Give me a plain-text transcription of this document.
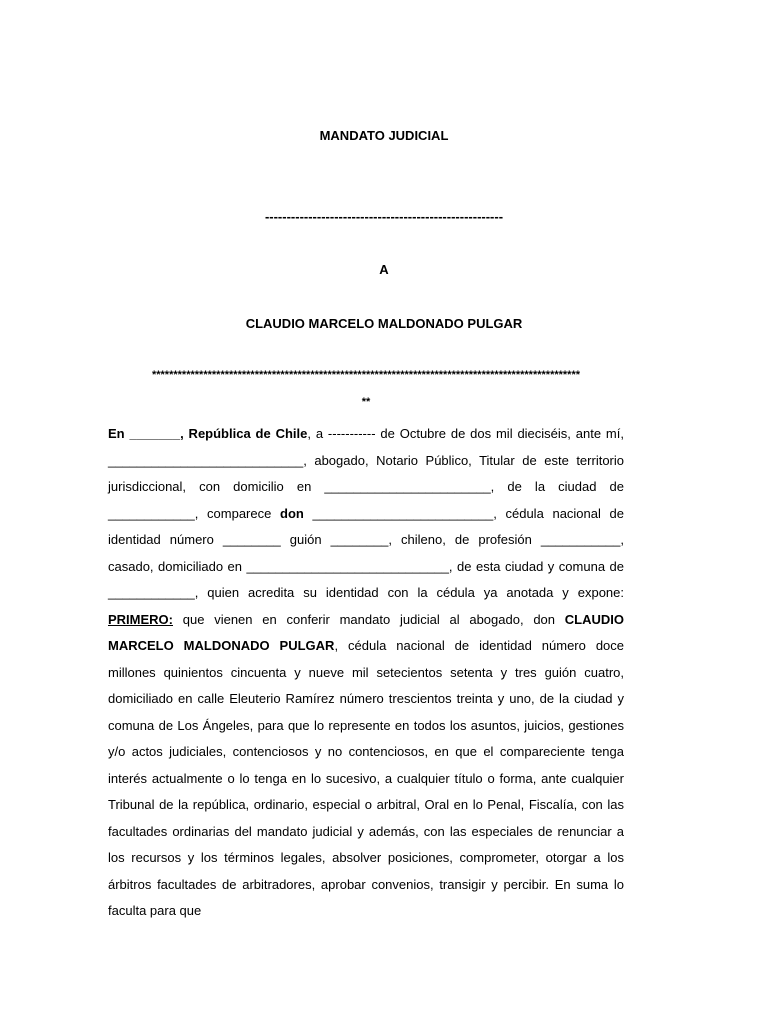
MANDATO JUDICIAL
-------------------------------------------------------
A
CLAUDIO MARCELO MALDONADO PULGAR
****************************************************************************************************
**
En _______, República de Chile, a ----------- de Octubre de dos mil dieciséis, ante mí, ___________________________, abogado, Notario Público, Titular de este territorio jurisdiccional, con domicilio en _______________________, de la ciudad de ____________, comparece don _________________________, cédula nacional de identidad número ________ guión ________, chileno, de profesión ___________, casado, domiciliado en ____________________________, de esta ciudad y comuna de ____________, quien acredita su identidad con la cédula ya anotada y expone: PRIMERO: que vienen en conferir mandato judicial al abogado, don CLAUDIO MARCELO MALDONADO PULGAR, cédula nacional de identidad número doce millones quinientos cincuenta y nueve mil setecientos setenta y tres guión cuatro, domiciliado en calle Eleuterio Ramírez número trescientos treinta y uno, de la ciudad y comuna de Los Ángeles, para que lo represente en todos los asuntos, juicios, gestiones y/o actos judiciales, contenciosos y no contenciosos, en que el compareciente tenga interés actualmente o lo tenga en lo sucesivo, a cualquier título o forma, ante cualquier Tribunal de la república, ordinario, especial o arbitral, Oral en lo Penal, Fiscalía, con las facultades ordinarias del mandato judicial y además, con las especiales de renunciar a los recursos y los términos legales, absolver posiciones, comprometer, otorgar a los árbitros facultades de arbitradores, aprobar convenios, transigir y percibir. En suma lo faculta para que
